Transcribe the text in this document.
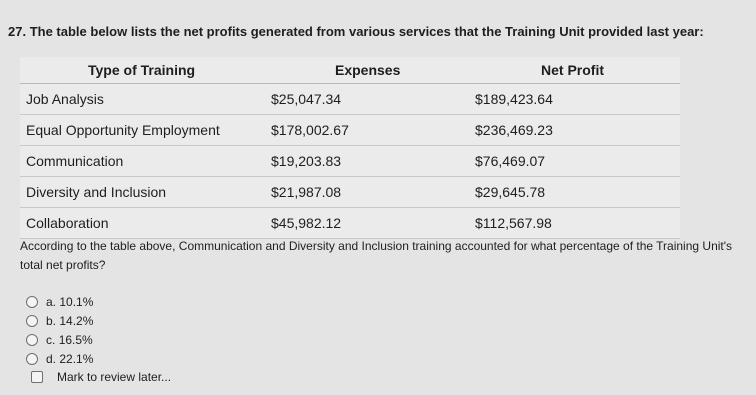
27. The table below lists the net profits generated from various services that the Training Unit provided last year:
Type of Training	Expenses	Net Profit
Job Analysis	$25,047.34	$189,423.64
Equal Opportunity Employment	$178,002.67	$236,469.23
Communication	$19,203.83	$76,469.07
Diversity and Inclusion	$21,987.08	$29,645.78
Collaboration	$45,982.12	$112,567.98
According to the table above, Communication and Diversity and Inclusion training accounted for what percentage of the Training Unit's total net profits?
a.
10.1%
b.
14.2%
c.
16.5%
d.
22.1%
Mark to review later...
